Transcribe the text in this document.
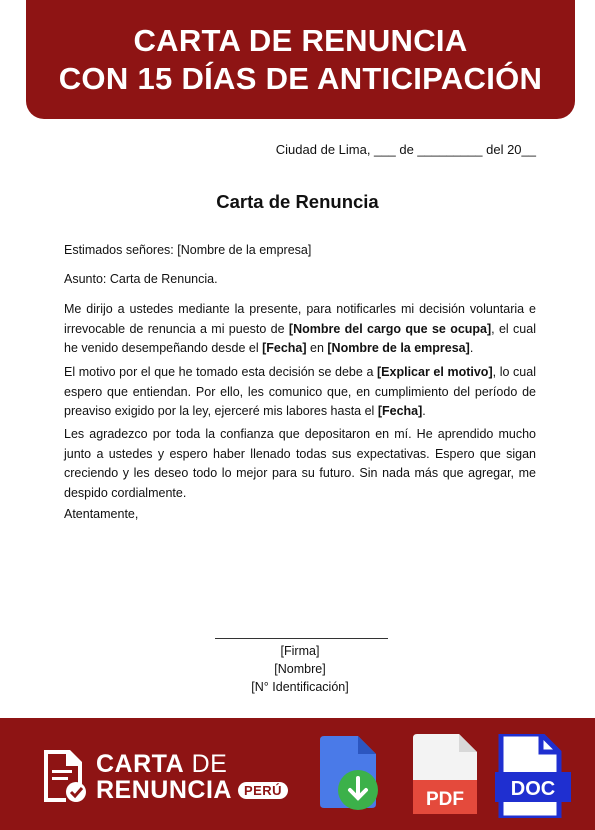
CARTA DE RENUNCIA
CON 15 DÍAS DE ANTICIPACIÓN
Ciudad de Lima, ___ de _________ del 20__
Carta de Renuncia
Estimados señores: [Nombre de la empresa]
Asunto: Carta de Renuncia.

Me dirijo a ustedes mediante la presente, para notificarles mi decisión voluntaria e irrevocable de renuncia a mi puesto de [Nombre del cargo que se ocupa], el cual he venido desempeñando desde el [Fecha] en [Nombre de la empresa].

El motivo por el que he tomado esta decisión se debe a [Explicar el motivo], lo cual espero que entiendan. Por ello, les comunico que, en cumplimiento del período de preaviso exigido por la ley, ejerceré mis labores hasta el [Fecha].

Les agradezco por toda la confianza que depositaron en mí. He aprendido mucho junto a ustedes y espero haber llenado todas sus expectativas. Espero que sigan creciendo y les deseo todo lo mejor para su futuro. Sin nada más que agregar, me despido cordialmente.

Atentamente,
[Firma]
[Nombre]
[N° Identificación]
CARTA DE
RENUNCIA PERÚ	PDF DOC
